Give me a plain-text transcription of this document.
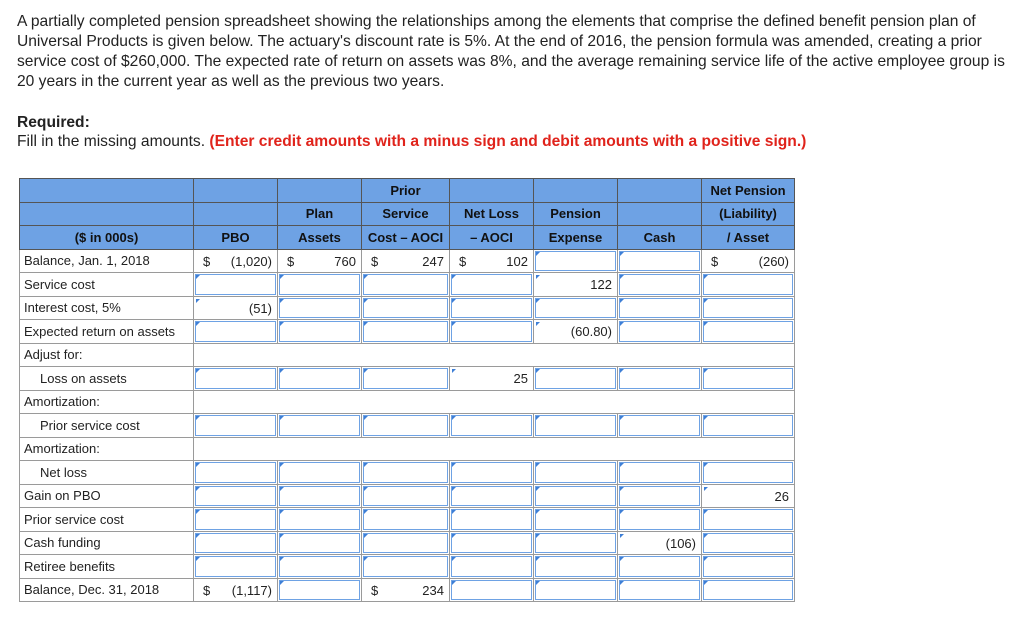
A partially completed pension spreadsheet showing the relationships among the elements that comprise the defined benefit pension plan of Universal Products is given below. The actuary's discount rate is 5%. At the end of 2016, the pension formula was amended, creating a prior service cost of $260,000. The expected rate of return on assets was 8%, and the average remaining service life of the active employee group is 20 years in the current year as well as the previous two years.

Required:

Fill in the missing amounts. (Enter credit amounts with a minus sign and debit amounts with a positive sign.)

			Prior				Net Pension
		Plan	Service	Net Loss	Pension		(Liability)
($ in 000s)	PBO	Assets	Cost – AOCI	– AOCI	Expense	Cash	/ Asset
Balance, Jan. 1, 2018	$ (1,020)	$ 760	$ 247	$ 102			$ (260)

Service cost					122		

Interest cost, 5%	(51)						

Expected return on assets					(60.80)		

Adjust for:							
Loss on assets				25			

Amortization:							
Prior service cost	

Amortization:							
Net loss	

Gain on PBO							26

Prior service cost	

Cash funding						(106)	

Retiree benefits	

Balance, Dec. 31, 2018	$ (1,117)		$ 234				
